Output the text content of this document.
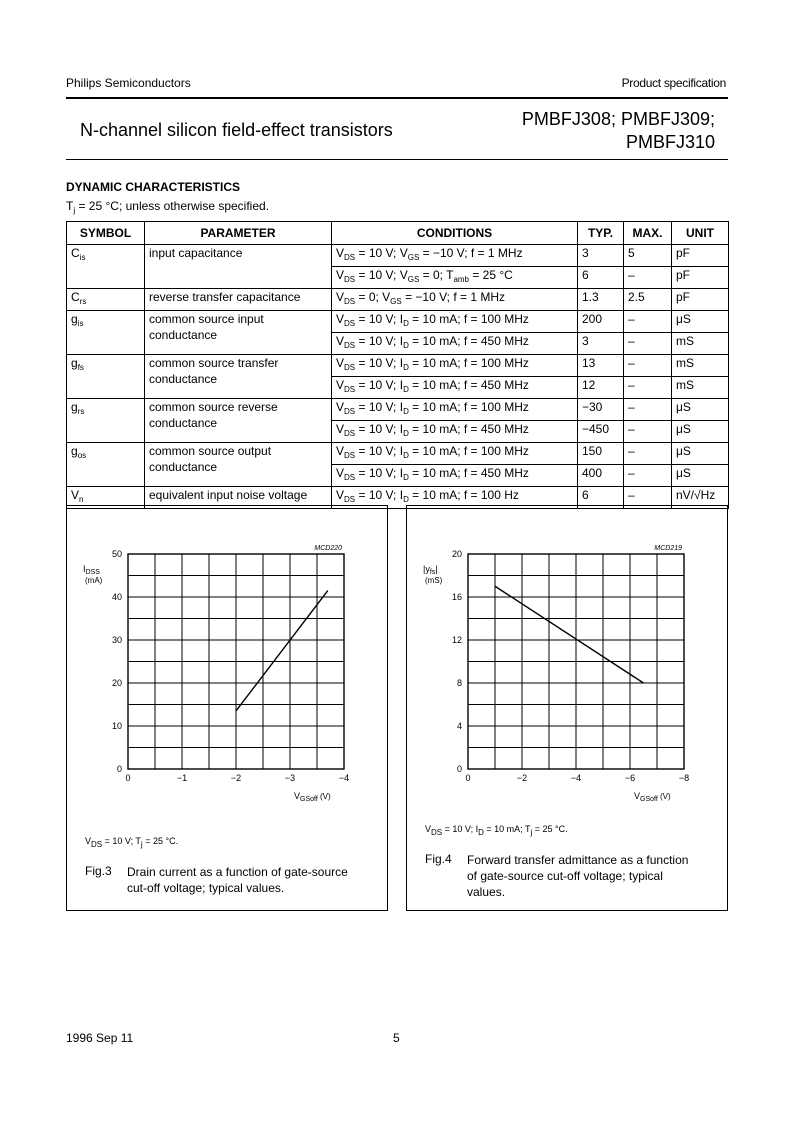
Philips Semiconductors	Product specification
N-channel silicon field-effect transistors
PMBFJ308; PMBFJ309;
PMBFJ310
DYNAMIC CHARACTERISTICS
$T_j = 25$ °C; unless otherwise specified.
SYMBOL	PARAMETER	CONDITIONS	TYP.	MAX.	UNIT
$C_{is}$	input capacitance	$V_{DS} = 10$ V; $V_{GS} = -10$ V; f = 1 MHz	3	5	pF
		$V_{DS} = 10$ V; $V_{GS} = 0$; $T_{amb} = 25$ °C	6	–	pF
$C_{rs}$	reverse transfer capacitance	$V_{DS} = 0$; $V_{GS} = -10$ V; f = 1 MHz	1.3	2.5	pF
$g_{is}$	common source input conductance	$V_{DS} = 10$ V; $I_D = 10$ mA; f = 100 MHz	200	–	μS
		$V_{DS} = 10$ V; $I_D = 10$ mA; f = 450 MHz	3	–	mS
$g_{fs}$	common source transfer conductance	$V_{DS} = 10$ V; $I_D = 10$ mA; f = 100 MHz	13	–	mS
		$V_{DS} = 10$ V; $I_D = 10$ mA; f = 450 MHz	12	–	mS
$g_{rs}$	common source reverse conductance	$V_{DS} = 10$ V; $I_D = 10$ mA; f = 100 MHz	−30	–	μS
		$V_{DS} = 10$ V; $I_D = 10$ mA; f = 450 MHz	−450	–	μS
$g_{os}$	common source output conductance	$V_{DS} = 10$ V; $I_D = 10$ mA; f = 100 MHz	150	–	μS
		$V_{DS} = 10$ V; $I_D = 10$ mA; f = 450 MHz	400	–	μS
$V_n$	equivalent input noise voltage	$V_{DS} = 10$ V; $I_D = 10$ mA; f = 100 Hz	6	–	nV/√Hz
0	−1	−2	−3	−4
0
10
20
30
40
50
MCD220
$I_{DSS}$
(mA)
$V_{GSoff}$ (V)
$V_{DS} = 10$ V; $T_j = 25$ °C.
Fig.3 Drain current as a function of gate-source
cut-off voltage; typical values.
0	−2	−4	−6	−8
0
4
8
12
16
20
MCD219
$|y_{fs}|$
(mS)
$V_{GSoff}$ (V)
$V_{DS} = 10$ V; $I_D = 10$ mA; $T_j = 25$ °C.
Fig.4 Forward transfer admittance as a function
of gate-source cut-off voltage; typical
values.
1996 Sep 11	5
